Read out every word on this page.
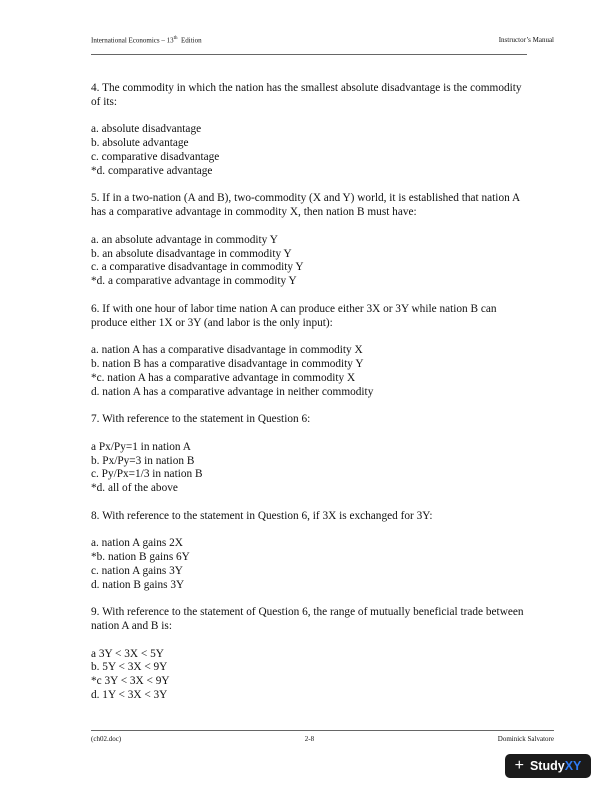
International Economics – 13th  Edition	Instructor’s Manual

4. The commodity in which the nation has the smallest absolute disadvantage is the commodity of its:

a. absolute disadvantage
b. absolute advantage
c. comparative disadvantage
*d. comparative advantage

5. If in a two-nation (A and B), two-commodity (X and Y) world, it is established that nation A has a comparative advantage in commodity X, then nation B must have:

a. an absolute advantage in commodity Y
b. an absolute disadvantage in commodity Y
c. a comparative disadvantage in commodity Y
*d. a comparative advantage in commodity Y

6. If with one hour of labor time nation A can produce either 3X or 3Y while nation B can produce either 1X or 3Y (and labor is the only input):

a. nation A has a comparative disadvantage in commodity X
b. nation B has a comparative disadvantage in commodity Y
*c. nation A has a comparative advantage in commodity X
d. nation A has a comparative advantage in neither commodity

7. With reference to the statement in Question 6:

a Px/Py=1 in nation A
b. Px/Py=3 in nation B
c. Py/Px=1/3 in nation B
*d. all of the above

8. With reference to the statement in Question 6, if 3X is exchanged for 3Y:

a. nation A gains 2X
*b. nation B gains 6Y
c. nation A gains 3Y
d. nation B gains 3Y

9. With reference to the statement of Question 6, the range of mutually beneficial trade between nation A and B is:

a 3Y < 3X < 5Y
b. 5Y < 3X < 9Y
*c 3Y < 3X < 9Y
d. 1Y < 3X < 3Y
(ch02.doc)	2-8	Dominick Salvatore
+ Study XY
